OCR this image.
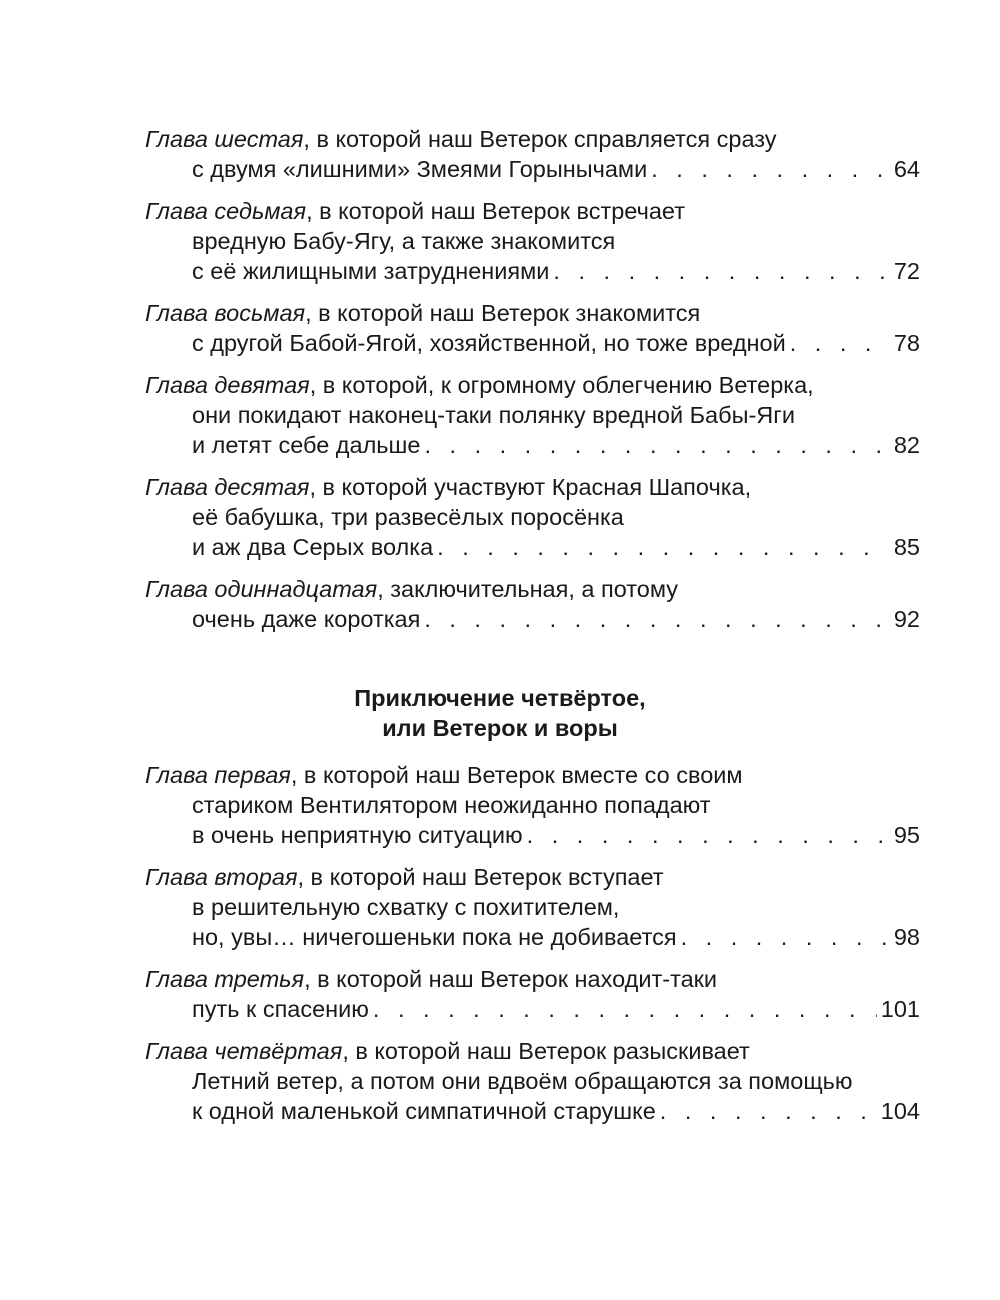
Глава шестая, в которой наш Ветерок справляется сразу
с двумя «лишними» Змеями Горынычами . . .	64
Глава седьмая, в которой наш Ветерок встречает
вредную Бабу-Ягу, а также знакомится
с её жилищными затруднениями . . .	72
Глава восьмая, в которой наш Ветерок знакомится
с другой Бабой-Ягой, хозяйственной, но тоже вредной . . .	78
Глава девятая, в которой, к огромному облегчению Ветерка,
они покидают наконец-таки полянку вредной Бабы-Яги
и летят себе дальше . . .	82
Глава десятая, в которой участвуют Красная Шапочка,
её бабушка, три развесёлых поросёнка
и аж два Серых волка . . .	85
Глава одиннадцатая, заключительная, а потому
очень даже короткая . . .	92
Приключение четвёртое,
или Ветерок и воры
Глава первая, в которой наш Ветерок вместе со своим
стариком Вентилятором неожиданно попадают
в очень неприятную ситуацию . . .	95
Глава вторая, в которой наш Ветерок вступает
в решительную схватку с похитителем,
но, увы… ничегошеньки пока не добивается . . .	98
Глава третья, в которой наш Ветерок находит-таки
путь к спасению . . .	101
Глава четвёртая, в которой наш Ветерок разыскивает
Летний ветер, а потом они вдвоём обращаются за помощью
к одной маленькой симпатичной старушке . . .	104
